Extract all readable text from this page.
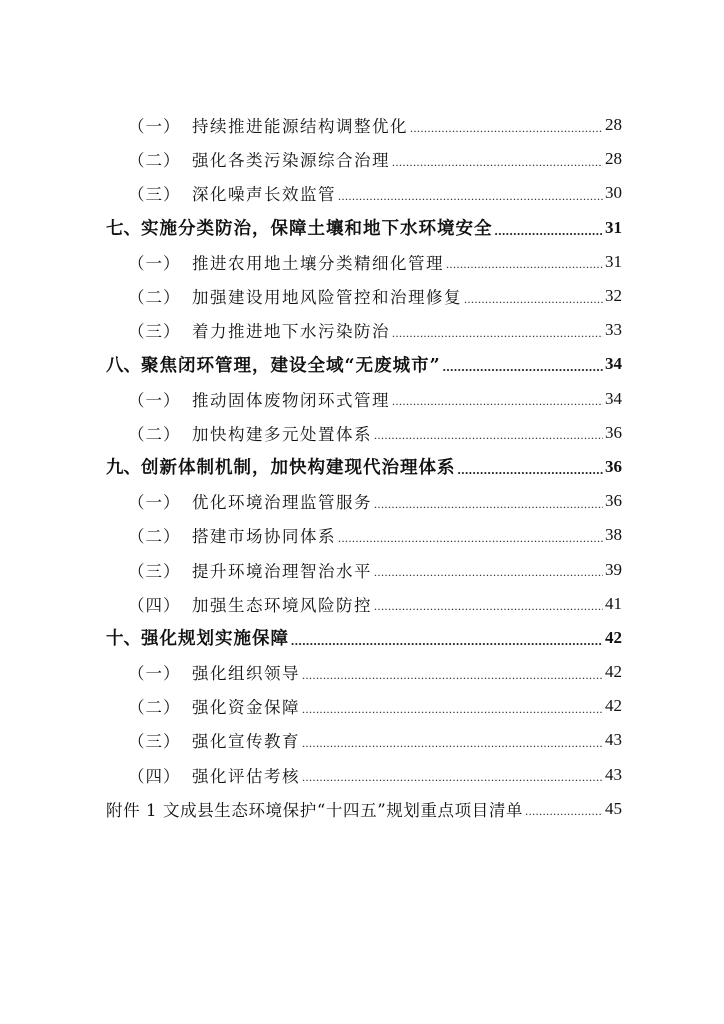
（一） 持续推进能源结构调整优化 .....	28
（二） 强化各类污染源综合治理 .....	28
（三） 深化噪声长效监管 .....	30
七、 实施分类防治，保障土壤和地下水环境安全 .....	31
（一） 推进农用地土壤分类精细化管理 .....	31
（二） 加强建设用地风险管控和治理修复 .....	32
（三） 着力推进地下水污染防治 .....	33
八、 聚焦闭环管理，建设全域“无废城市” .....	34
（一） 推动固体废物闭环式管理 .....	34
（二） 加快构建多元处置体系 .....	36
九、 创新体制机制，加快构建现代治理体系 .....	36
（一） 优化环境治理监管服务 .....	36
（二） 搭建市场协同体系 .....	38
（三） 提升环境治理智治水平 .....	39
（四） 加强生态环境风险防控 .....	41
十、 强化规划实施保障 .....	42
（一） 强化组织领导 .....	42
（二） 强化资金保障 .....	42
（三） 强化宣传教育 .....	43
（四） 强化评估考核 .....	43
附件 1 文成县生态环境保护“十四五”规划重点项目清单 .....	45
